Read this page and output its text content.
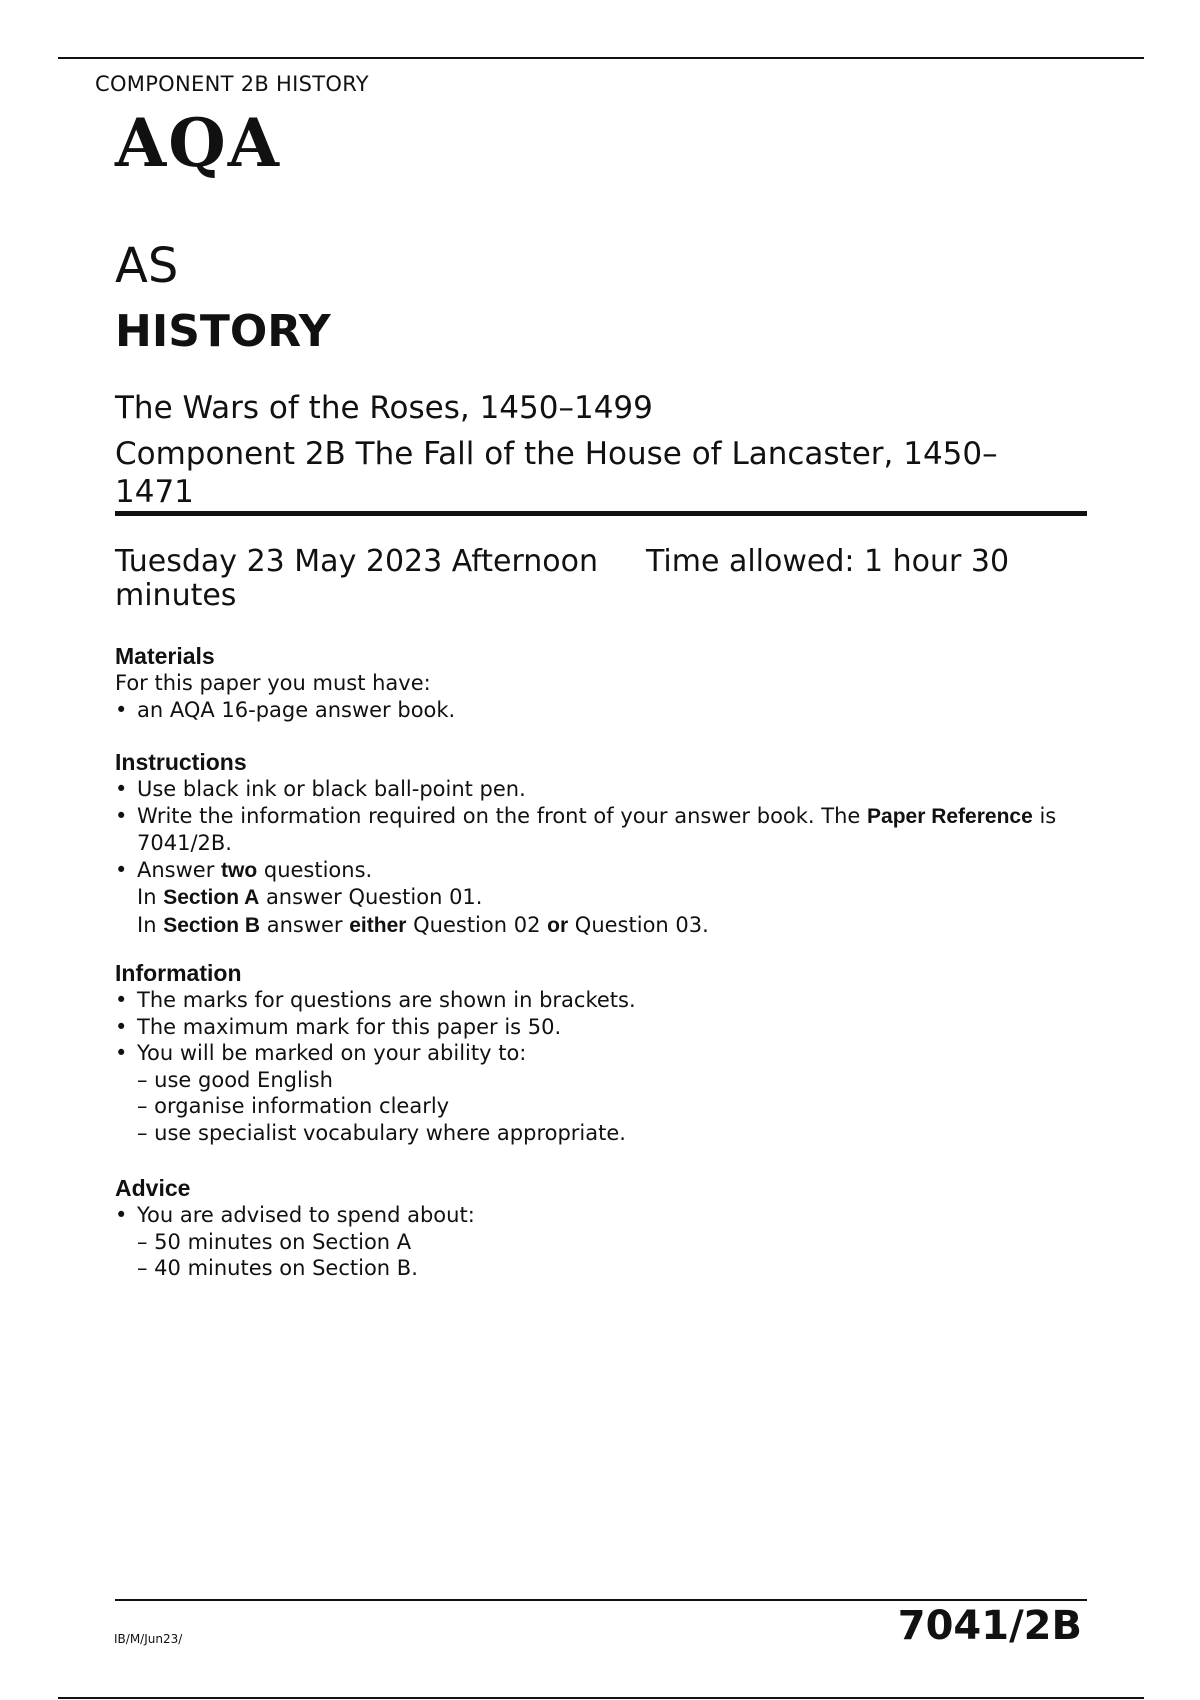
COMPONENT 2B HISTORY
AQA
AS
HISTORY
The Wars of the Roses, 1450–1499
Component 2B The Fall of the House of Lancaster, 1450–1471
Tuesday 23 May 2023 Afternoon Time allowed: 1 hour 30 minutes
Materials
For this paper you must have:
• an AQA 16-page answer book.
Instructions
• Use black ink or black ball-point pen.
• Write the information required on the front of your answer book. The Paper Reference is 7041/2B.
• Answer two questions.
In Section A answer Question 01.
In Section B answer either Question 02 or Question 03.
Information
• The marks for questions are shown in brackets.
• The maximum mark for this paper is 50.
• You will be marked on your ability to:
– use good English
– organise information clearly
– use specialist vocabulary where appropriate.
Advice
• You are advised to spend about:
– 50 minutes on Section A
– 40 minutes on Section B.
IB/M/Jun23/	7041/2B
